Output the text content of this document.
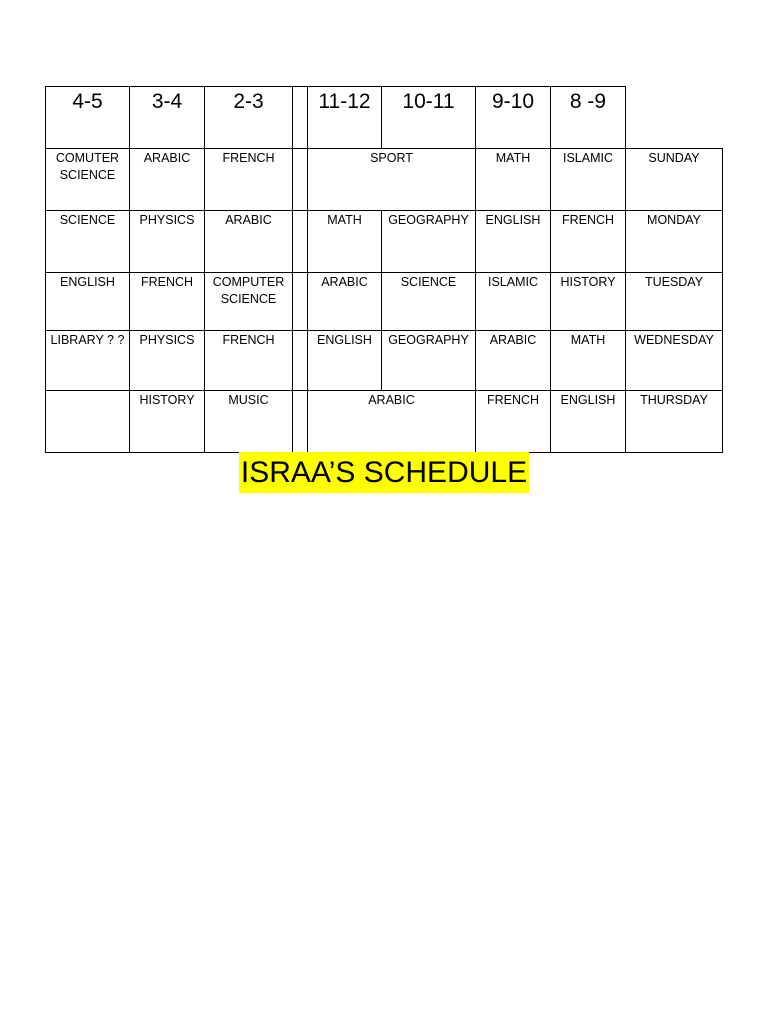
4-5	3-4	2-3		11-12	10-11	9-10	8 -9	
COMUTER SCIENCE	ARABIC	FRENCH		SPORT		MATH	ISLAMIC	SUNDAY
SCIENCE	PHYSICS	ARABIC		MATH	GEOGRAPHY	ENGLISH	FRENCH	MONDAY
ENGLISH	FRENCH	COMPUTER SCIENCE		ARABIC	SCIENCE	ISLAMIC	HISTORY	TUESDAY
LIBRARY ? ?	PHYSICS	FRENCH		ENGLISH	GEOGRAPHY	ARABIC	MATH	WEDNESDAY
	HISTORY	MUSIC		ARABIC		FRENCH	ENGLISH	THURSDAY
ISRAA’S SCHEDULE
